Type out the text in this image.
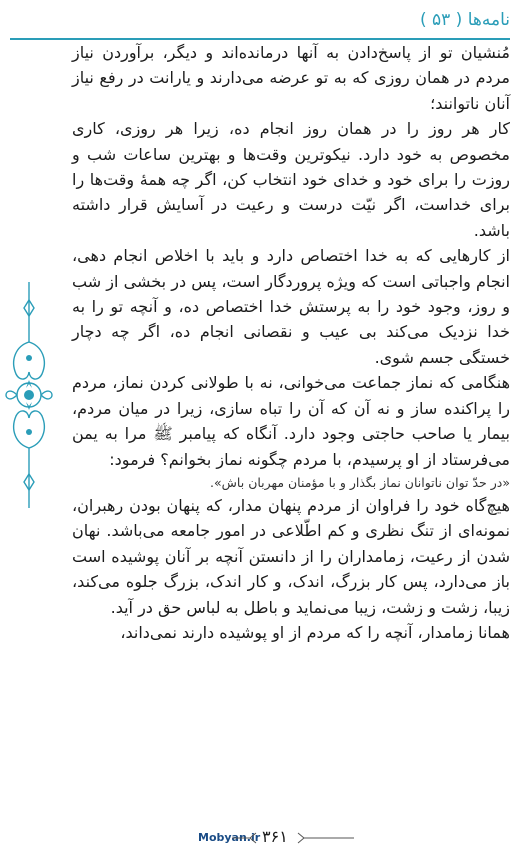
نامه‌ها ( ۵۳ )

مُنشیان تو از پاسخ‌دادن به آنها درمانده‌اند و دیگر، برآوردن نیاز مردم در همان روزی که به تو عرضه می‌دارند و یارانت در رفع نیاز آنان ناتوانند؛

کار هر روز را در همان روز انجام ده، زیرا هر روزی، کاری مخصوص به خود دارد. نیکوترین وقت‌ها و بهترین ساعات شب و روزت را برای خود و خدای خود انتخاب کن، اگر چه همهٔ وقت‌ها را برای خداست، اگر نیّت درست و رعیت در آسایش قرار داشته باشد.

از کارهایی که به خدا اختصاص دارد و باید با اخلاص انجام دهی، انجام واجباتی است که ویژه پروردگار است، پس در بخشی از شب و روز، وجود خود را به پرستش خدا اختصاص ده، و آنچه تو را به خدا نزدیک می‌کند بی عیب و نقصانی انجام ده، اگر چه دچار خستگی جسم شوی.

هنگامی که نماز جماعت می‌خوانی، نه با طولانی کردن نماز، مردم را پراکنده ساز و نه آن که آن را تباه سازی، زیرا در میان مردم، بیمار یا صاحب حاجتی وجود دارد. آنگاه که پیامبر ﷺ مرا به یمن می‌فرستاد از او پرسیدم، با مردم چگونه نماز بخوانم؟ فرمود:

«در حدّ توان ناتوانان نماز بگذار و با مؤمنان مهربان باش».

هیچ‌گاه خود را فراوان از مردم پنهان مدار، که پنهان بودن رهبران، نمونه‌ای از تنگ نظری و کم اطّلاعی در امور جامعه می‌باشد. نهان شدن از رعیت، زمامداران را از دانستن آنچه بر آنان پوشیده است باز می‌دارد، پس کار بزرگ، اندک، و کار اندک، بزرگ جلوه می‌کند، زیبا، زشت و زشت، زیبا می‌نماید و باطل به لباس حق در آید.

همانا زمامدار، آنچه را که مردم از او پوشیده دارند نمی‌داند،

Mobyan.ir ۳۶۱
